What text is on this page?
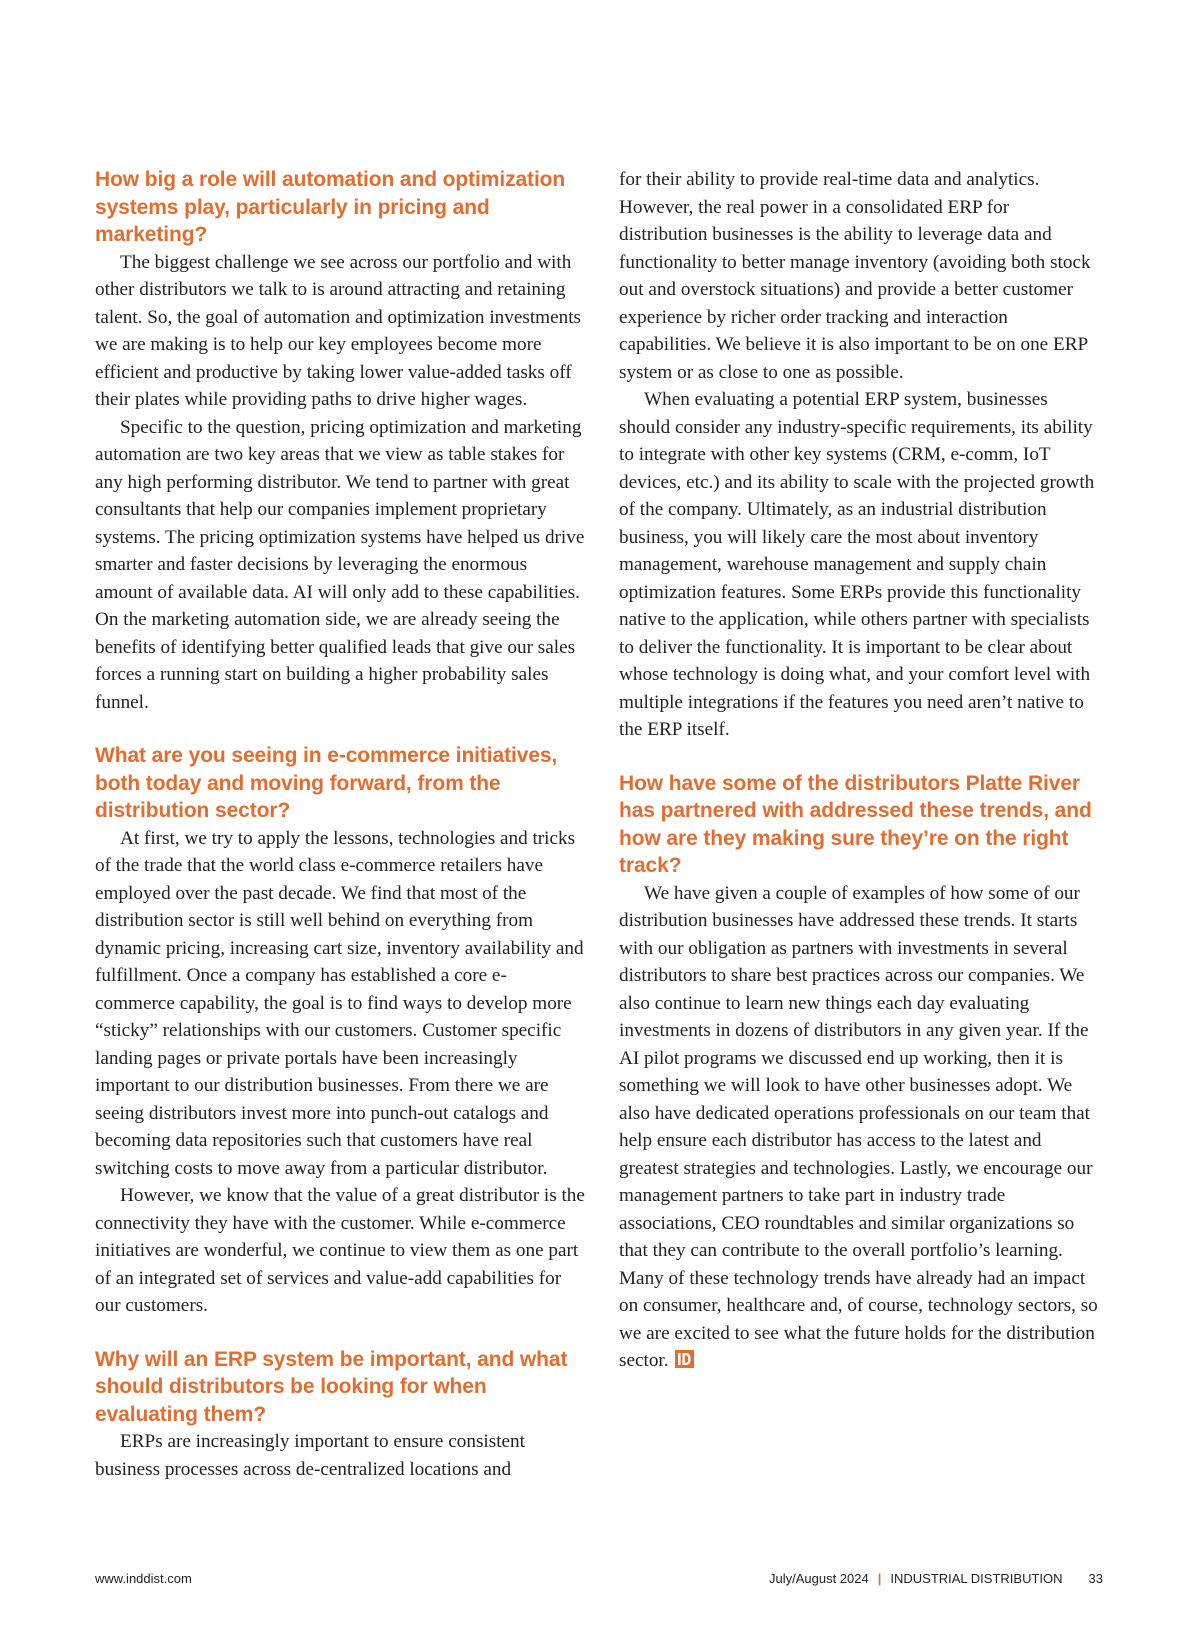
How big a role will automation and optimization systems play, particularly in pricing and marketing?

The biggest challenge we see across our portfolio and with other distributors we talk to is around attracting and retaining talent. So, the goal of automation and optimization investments we are making is to help our key employees become more efficient and productive by taking lower value-added tasks off their plates while providing paths to drive higher wages.

Specific to the question, pricing optimization and marketing automation are two key areas that we view as table stakes for any high performing distributor. We tend to partner with great consultants that help our companies implement proprietary systems. The pricing optimization systems have helped us drive smarter and faster decisions by leveraging the enormous amount of available data. AI will only add to these capabilities. On the marketing automation side, we are already seeing the benefits of identifying better qualified leads that give our sales forces a running start on building a higher probability sales funnel.

What are you seeing in e-commerce initiatives, both today and moving forward, from the distribution sector?

At first, we try to apply the lessons, technologies and tricks of the trade that the world class e-commerce retailers have employed over the past decade. We find that most of the distribution sector is still well behind on everything from dynamic pricing, increasing cart size, inventory availability and fulfillment. Once a company has established a core e-commerce capability, the goal is to find ways to develop more “sticky” relationships with our customers. Customer specific landing pages or private portals have been increasingly important to our distribution businesses. From there we are seeing distributors invest more into punch-out catalogs and becoming data repositories such that customers have real switching costs to move away from a particular distributor.

However, we know that the value of a great distributor is the connectivity they have with the customer. While e-commerce initiatives are wonderful, we continue to view them as one part of an integrated set of services and value-add capabilities for our customers.

Why will an ERP system be important, and what should distributors be looking for when evaluating them?

ERPs are increasingly important to ensure consistent business processes across de-centralized locations and

for their ability to provide real-time data and analytics. However, the real power in a consolidated ERP for distribution businesses is the ability to leverage data and functionality to better manage inventory (avoiding both stock out and overstock situations) and provide a better customer experience by richer order tracking and interaction capabilities. We believe it is also important to be on one ERP system or as close to one as possible.

When evaluating a potential ERP system, businesses should consider any industry-specific requirements, its ability to integrate with other key systems (CRM, e-comm, IoT devices, etc.) and its ability to scale with the projected growth of the company. Ultimately, as an industrial distribution business, you will likely care the most about inventory management, warehouse management and supply chain optimization features. Some ERPs provide this functionality native to the application, while others partner with specialists to deliver the functionality. It is important to be clear about whose technology is doing what, and your comfort level with multiple integrations if the features you need aren’t native to the ERP itself.

How have some of the distributors Platte River has partnered with addressed these trends, and how are they making sure they’re on the right track?

We have given a couple of examples of how some of our distribution businesses have addressed these trends. It starts with our obligation as partners with investments in several distributors to share best practices across our companies. We also continue to learn new things each day evaluating investments in dozens of distributors in any given year. If the AI pilot programs we discussed end up working, then it is something we will look to have other businesses adopt. We also have dedicated operations professionals on our team that help ensure each distributor has access to the latest and greatest strategies and technologies. Lastly, we encourage our management partners to take part in industry trade associations, CEO roundtables and similar organizations so that they can contribute to the overall portfolio’s learning. Many of these technology trends have already had an impact on consumer, healthcare and, of course, technology sectors, so we are excited to see what the future holds for the distribution sector.

www.inddist.com	July/August 2024 | INDUSTRIAL DISTRIBUTION 33
